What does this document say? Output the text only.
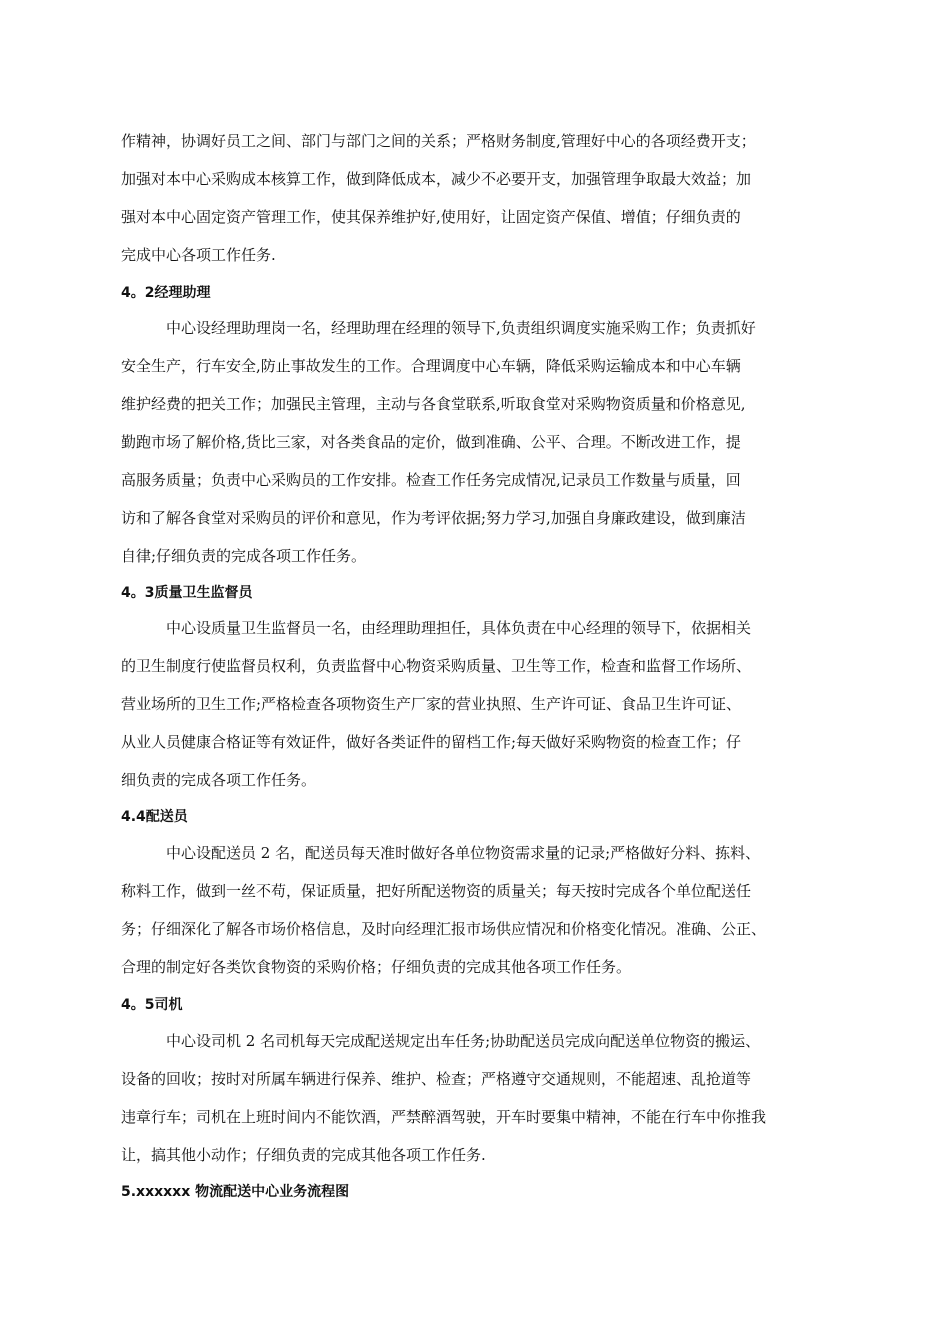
作精神，协调好员工之间、部门与部门之间的关系；严格财务制度,管理好中心的各项经费开支；
加强对本中心采购成本核算工作，做到降低成本，减少不必要开支，加强管理争取最大效益；加
强对本中心固定资产管理工作，使其保养维护好,使用好，让固定资产保值、增值；仔细负责的
完成中心各项工作任务.
4。2经理助理
中心设经理助理岗一名，经理助理在经理的领导下,负责组织调度实施采购工作；负责抓好
安全生产，行车安全,防止事故发生的工作。合理调度中心车辆，降低采购运输成本和中心车辆
维护经费的把关工作；加强民主管理，主动与各食堂联系,听取食堂对采购物资质量和价格意见,
勤跑市场了解价格,货比三家，对各类食品的定价，做到准确、公平、合理。不断改进工作，提
高服务质量；负责中心采购员的工作安排。检查工作任务完成情况,记录员工作数量与质量，回
访和了解各食堂对采购员的评价和意见，作为考评依据;努力学习,加强自身廉政建设，做到廉洁
自律;仔细负责的完成各项工作任务。
4。3质量卫生监督员
中心设质量卫生监督员一名，由经理助理担任，具体负责在中心经理的领导下，依据相关
的卫生制度行使监督员权利，负责监督中心物资采购质量、卫生等工作，检查和监督工作场所、
营业场所的卫生工作;严格检查各项物资生产厂家的营业执照、生产许可证、食品卫生许可证、
从业人员健康合格证等有效证件，做好各类证件的留档工作;每天做好采购物资的检查工作；仔
细负责的完成各项工作任务。
4.4配送员
中心设配送员 2 名，配送员每天准时做好各单位物资需求量的记录;严格做好分料、拣料、
称料工作，做到一丝不苟，保证质量，把好所配送物资的质量关；每天按时完成各个单位配送任
务；仔细深化了解各市场价格信息，及时向经理汇报市场供应情况和价格变化情况。准确、公正、
合理的制定好各类饮食物资的采购价格；仔细负责的完成其他各项工作任务。
4。5司机
中心设司机 2 名司机每天完成配送规定出车任务;协助配送员完成向配送单位物资的搬运、
设备的回收；按时对所属车辆进行保养、维护、检查；严格遵守交通规则，不能超速、乱抢道等
违章行车；司机在上班时间内不能饮酒，严禁醉酒驾驶，开车时要集中精神，不能在行车中你推我
让，搞其他小动作；仔细负责的完成其他各项工作任务.
5.xxxxxx 物流配送中心业务流程图
